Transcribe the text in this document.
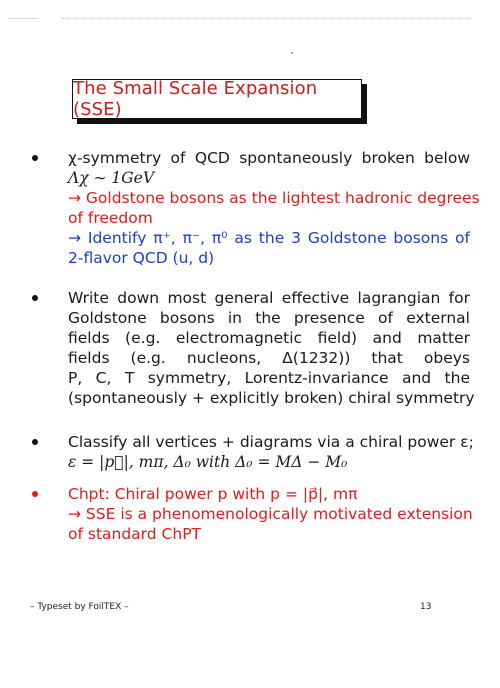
The Small Scale Expansion (SSE)
χ-symmetry of QCD spontaneously broken below
Λχ ∼ 1GeV
→ Goldstone bosons as the lightest hadronic degrees
of freedom
→ Identify π⁺, π⁻, π⁰ as the 3 Goldstone bosons of
2-flavor QCD (u, d)
Write down most general effective lagrangian for
Goldstone bosons in the presence of external
fields (e.g. electromagnetic field) and matter
fields (e.g. nucleons, Δ(1232)) that obeys
P, C, T symmetry, Lorentz-invariance and the
(spontaneously + explicitly broken) chiral symmetry
Classify all vertices + diagrams via a chiral power ε;
ε = |p⃗|, mπ, Δ₀ with Δ₀ = MΔ − M₀
Chpt: Chiral power p with p = |p⃗|, mπ
→ SSE is a phenomenologically motivated extension
of standard ChPT
– Typeset by FoilTEX –	13
